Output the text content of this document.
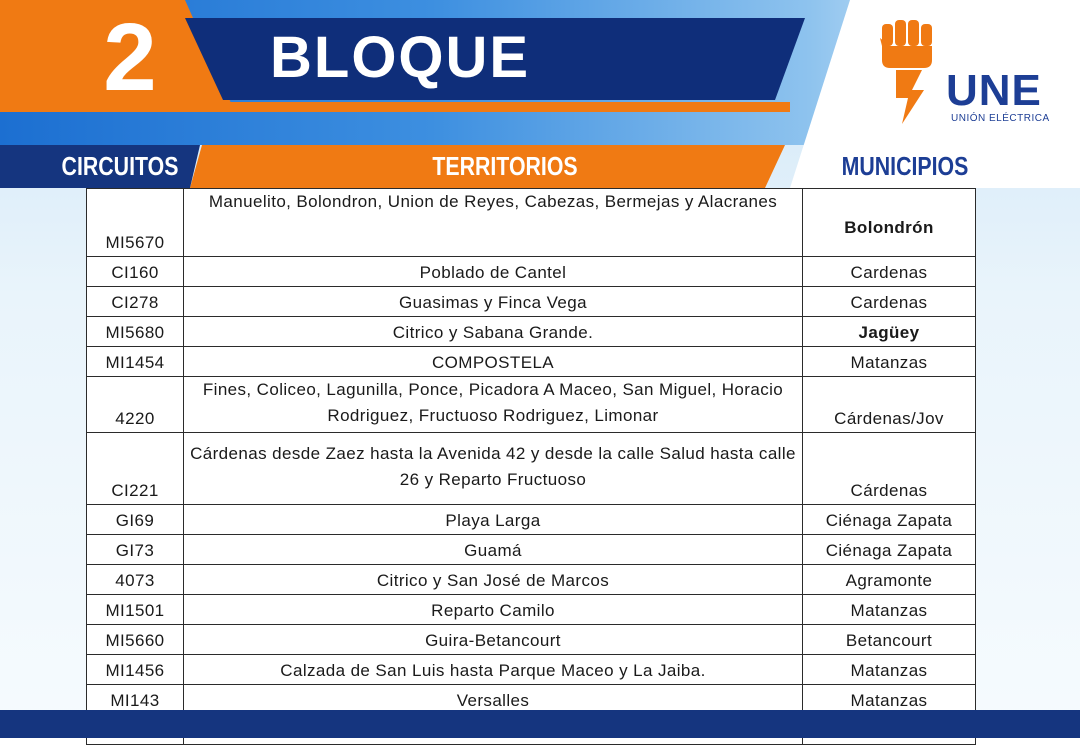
2	BLOQUE
UNE
UNIÓN ELÉCTRICA
CIRCUITOS	TERRITORIOS	MUNICIPIOS
MI5670	Manuelito, Bolondron, Union de Reyes, Cabezas, Bermejas y Alacranes	Bolondrón
CI160	Poblado de Cantel	Cardenas
CI278	Guasimas y Finca Vega	Cardenas
MI5680	Citrico y Sabana Grande.	Jagüey
MI1454	COMPOSTELA	Matanzas
4220	Fines, Coliceo, Lagunilla, Ponce, Picadora A Maceo, San Miguel, Horacio Rodriguez, Fructuoso Rodriguez, Limonar	Cárdenas/Jov
CI221	Cárdenas desde Zaez hasta la Avenida 42 y desde la calle Salud hasta calle 26 y Reparto Fructuoso	Cárdenas
GI69	Playa Larga	Ciénaga Zapata
GI73	Guamá	Ciénaga Zapata
4073	Citrico y San José de Marcos	Agramonte
MI1501	Reparto Camilo	Matanzas
MI5660	Guira-Betancourt	Betancourt
MI1456	Calzada de San Luis hasta Parque Maceo y La Jaiba.	Matanzas
MI143	Versalles	Matanzas
